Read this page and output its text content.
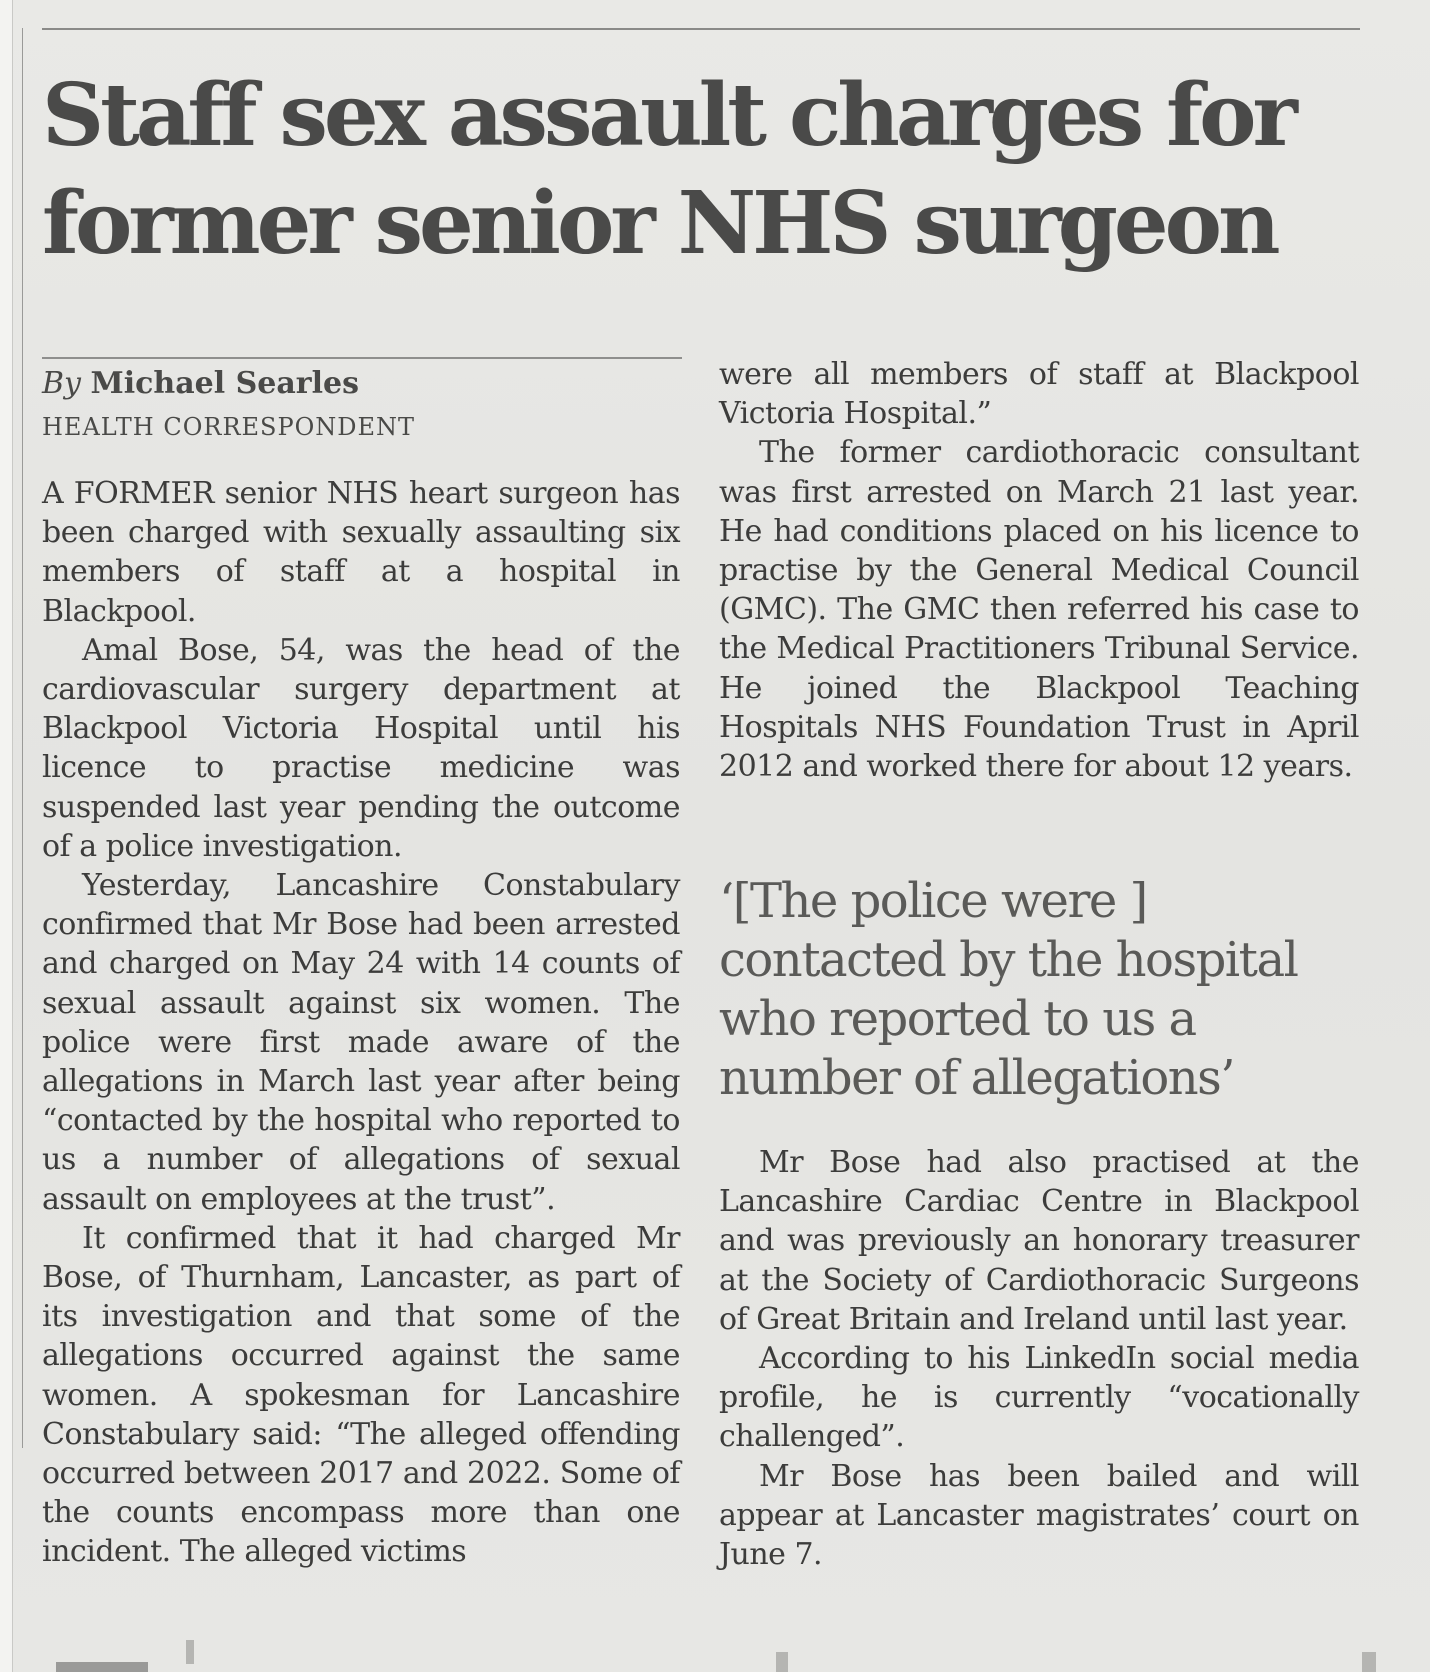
Staff sex assault charges for former senior NHS surgeon
By Michael Searles
HEALTH CORRESPONDENT

A FORMER senior NHS heart surgeon has been charged with sexually assaulting six members of staff at a hospital in Blackpool.

Amal Bose, 54, was the head of the cardiovascular surgery department at Blackpool Victoria Hospital until his licence to practise medicine was suspended last year pending the outcome of a police investigation.

Yesterday, Lancashire Constabulary confirmed that Mr Bose had been arrested and charged on May 24 with 14 counts of sexual assault against six women. The police were first made aware of the allegations in March last year after being “contacted by the hospital who reported to us a number of allegations of sexual assault on employees at the trust”.

It confirmed that it had charged Mr Bose, of Thurnham, Lancaster, as part of its investigation and that some of the allegations occurred against the same women. A spokesman for Lancashire Constabulary said: “The alleged offending occurred between 2017 and 2022. Some of the counts encompass more than one incident. The alleged victims

were all members of staff at Blackpool Victoria Hospital.”

The former cardiothoracic consultant was first arrested on March 21 last year. He had conditions placed on his licence to practise by the General Medical Council (GMC). The GMC then referred his case to the Medical Practitioners Tribunal Service. He joined the Blackpool Teaching Hospitals NHS Foundation Trust in April 2012 and worked there for about 12 years.

‘[The police were ] contacted by the hospital who reported to us a number of allegations’

Mr Bose had also practised at the Lancashire Cardiac Centre in Blackpool and was previously an honorary treasurer at the Society of Cardiothoracic Surgeons of Great Britain and Ireland until last year.

According to his LinkedIn social media profile, he is currently “vocationally challenged”.

Mr Bose has been bailed and will appear at Lancaster magistrates’ court on June 7.
